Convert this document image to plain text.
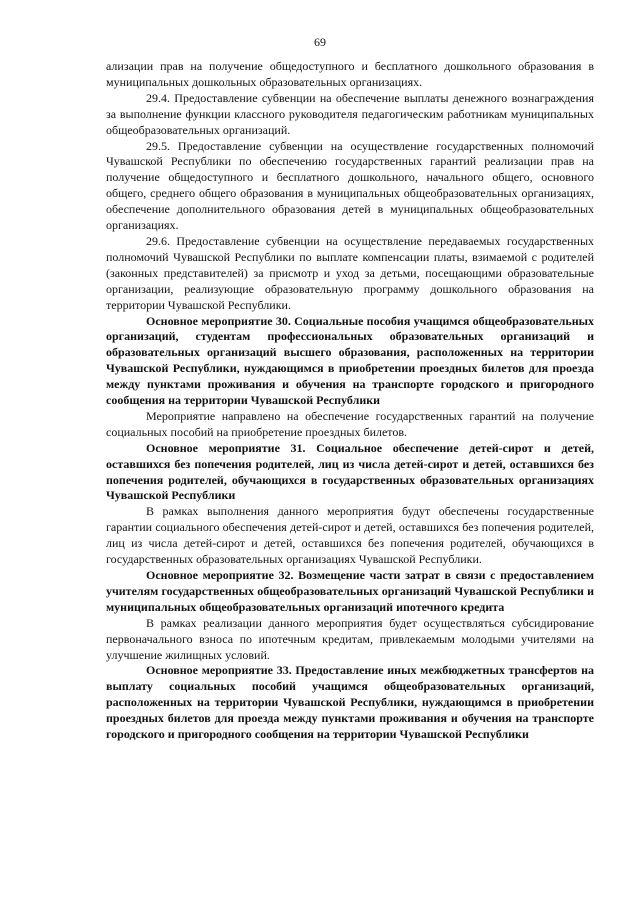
69

ализации прав на получение общедоступного и бесплатного дошкольного образования в муниципальных дошкольных образовательных организациях.

29.4. Предоставление субвенции на обеспечение выплаты денежного вознаграждения за выполнение функции классного руководителя педагогическим работникам муниципальных общеобразовательных организаций.

29.5. Предоставление субвенции на осуществление государственных полномочий Чувашской Республики по обеспечению государственных гарантий реализации прав на получение общедоступного и бесплатного дошкольного, начального общего, основного общего, среднего общего образования в муниципальных общеобразовательных организациях, обеспечение дополнительного образования детей в муниципальных общеобразовательных организациях.

29.6. Предоставление субвенции на осуществление передаваемых государственных полномочий Чувашской Республики по выплате компенсации платы, взимаемой с родителей (законных представителей) за присмотр и уход за детьми, посещающими образовательные организации, реализующие образовательную программу дошкольного образования на территории Чувашской Республики.

Основное мероприятие 30. Социальные пособия учащимся общеобразовательных организаций, студентам профессиональных образовательных организаций и образовательных организаций высшего образования, расположенных на территории Чувашской Республики, нуждающимся в приобретении проездных билетов для проезда между пунктами проживания и обучения на транспорте городского и пригородного сообщения на территории Чувашской Республики

Мероприятие направлено на обеспечение государственных гарантий на получение социальных пособий на приобретение проездных билетов.

Основное мероприятие 31. Социальное обеспечение детей-сирот и детей, оставшихся без попечения родителей, лиц из числа детей-сирот и детей, оставшихся без попечения родителей, обучающихся в государственных образовательных организациях Чувашской Республики

В рамках выполнения данного мероприятия будут обеспечены государственные гарантии социального обеспечения детей-сирот и детей, оставшихся без попечения родителей, лиц из числа детей-сирот и детей, оставшихся без попечения родителей, обучающихся в государственных образовательных организациях Чувашской Республики.

Основное мероприятие 32. Возмещение части затрат в связи с предоставлением учителям государственных общеобразовательных организаций Чувашской Республики и муниципальных общеобразовательных организаций ипотечного кредита

В рамках реализации данного мероприятия будет осуществляться субсидирование первоначального взноса по ипотечным кредитам, привлекаемым молодыми учителями на улучшение жилищных условий.

Основное мероприятие 33. Предоставление иных межбюджетных трансфертов на выплату социальных пособий учащимся общеобразовательных организаций, расположенных на территории Чувашской Республики, нуждающимся в приобретении проездных билетов для проезда между пунктами проживания и обучения на транспорте городского и пригородного сообщения на территории Чувашской Республики
